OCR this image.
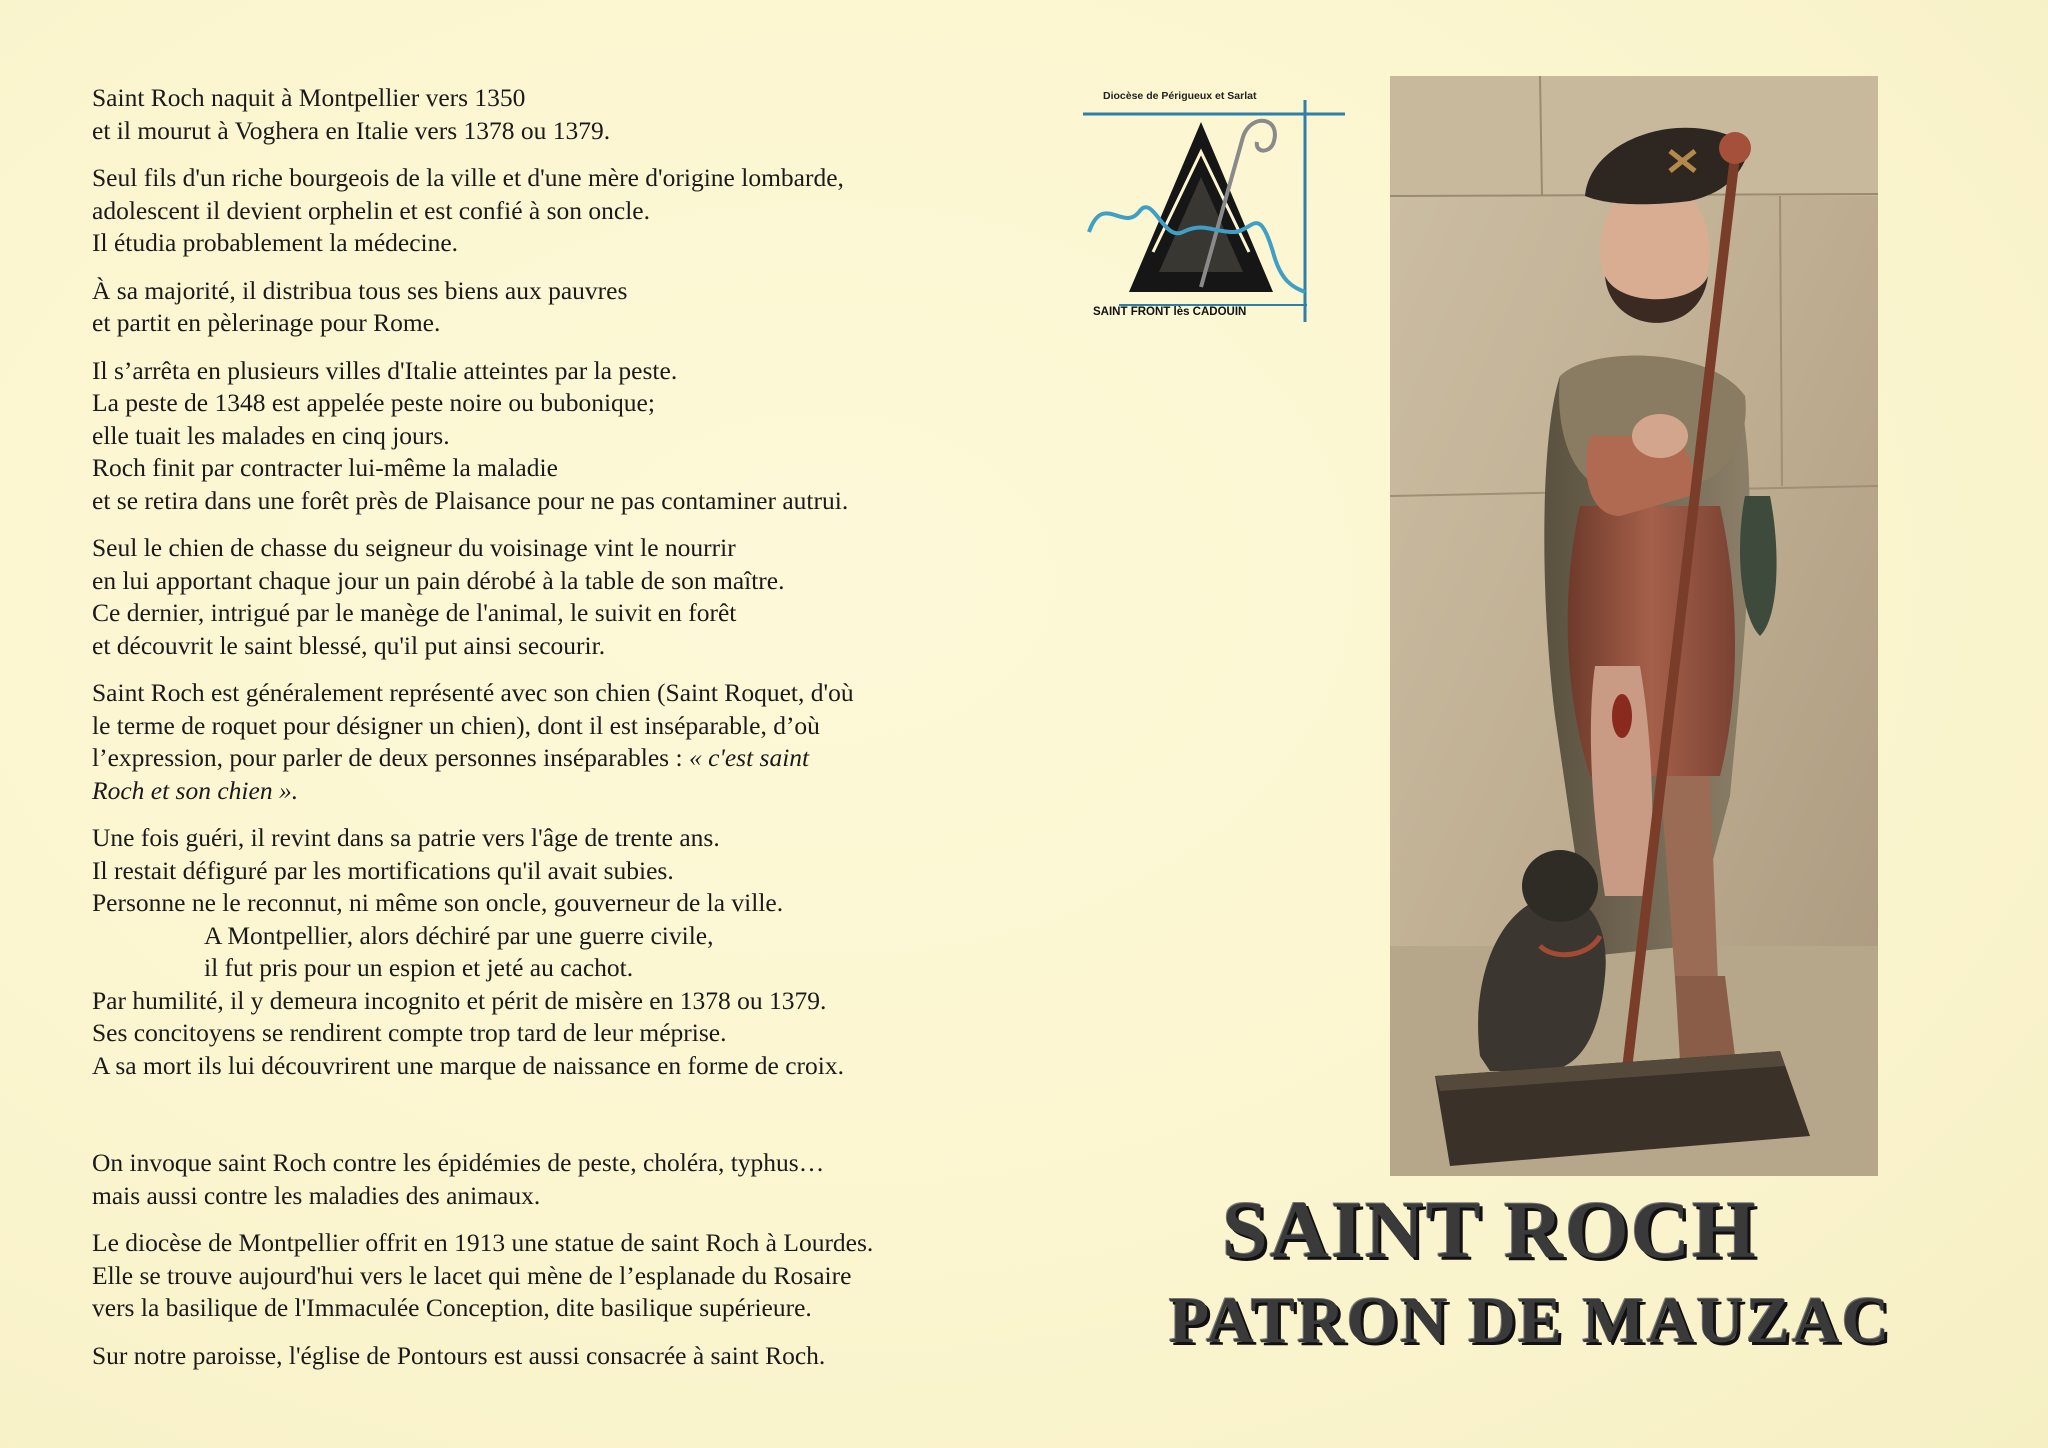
Saint Roch naquit à Montpellier vers 1350
et il mourut à Voghera en Italie vers 1378 ou 1379.

Seul fils d'un riche bourgeois de la ville et d'une mère d'origine lombarde,
adolescent il devient orphelin et est confié à son oncle.
Il étudia probablement la médecine.

À sa majorité, il distribua tous ses biens aux pauvres
et partit en pèlerinage pour Rome.

Il s’arrêta en plusieurs villes d'Italie atteintes par la peste.
La peste de 1348 est appelée peste noire ou bubonique;
elle tuait les malades en cinq jours.
Roch finit par contracter lui-même la maladie
et se retira dans une forêt près de Plaisance pour ne pas contaminer autrui.

Seul le chien de chasse du seigneur du voisinage vint le nourrir
en lui apportant chaque jour un pain dérobé à la table de son maître.
Ce dernier, intrigué par le manège de l'animal, le suivit en forêt
et découvrit le saint blessé, qu'il put ainsi secourir.

Saint Roch est généralement représenté avec son chien (Saint Roquet, d'où
le terme de roquet pour désigner un chien), dont il est inséparable, d’où
l’expression, pour parler de deux personnes inséparables : « c'est saint
Roch et son chien ».

Une fois guéri, il revint dans sa patrie vers l'âge de trente ans.
Il restait défiguré par les mortifications qu'il avait subies.
Personne ne le reconnut, ni même son oncle, gouverneur de la ville.
A Montpellier, alors déchiré par une guerre civile,
il fut pris pour un espion et jeté au cachot.
Par humilité, il y demeura incognito et périt de misère en 1378 ou 1379.
Ses concitoyens se rendirent compte trop tard de leur méprise.
A sa mort ils lui découvrirent une marque de naissance en forme de croix.

On invoque saint Roch contre les épidémies de peste, choléra, typhus…
mais aussi contre les maladies des animaux.

Le diocèse de Montpellier offrit en 1913 une statue de saint Roch à Lourdes.
Elle se trouve aujourd'hui vers le lacet qui mène de l’esplanade du Rosaire
vers la basilique de l'Immaculée Conception, dite basilique supérieure.

Sur notre paroisse, l'église de Pontours est aussi consacrée à saint Roch.

Diocèse de Périgueux et Sarlat
SAINT FRONT lès CADOUIN
SAINT ROCH
PATRON DE MAUZAC
